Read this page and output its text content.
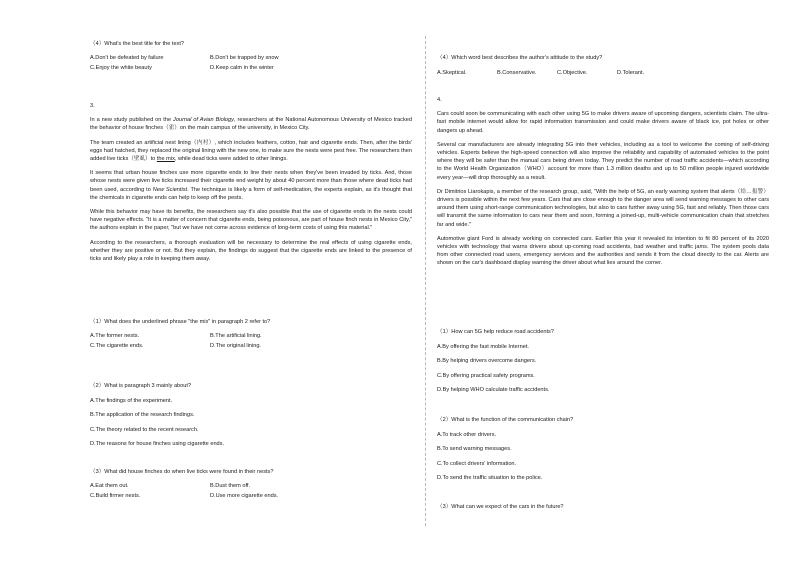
（4）What's the best title for the text?

A.Don't be defeated by failure	B.Don't be trapped by snow
C.Enjoy the white beauty	D.Keep calm in the winter

3.

In a new study published on the Journal of Avian Biology, researchers at the National Autonomous University of Mexico tracked the behavior of house finches（雀）on the main campus of the university, in Mexico City.

The team created an artificial nest lining（内衬）, which includes feathers, cotton, hair and cigarette ends. Then, after the birds' eggs had hatched, they replaced the original lining with the new one, to make sure the nests were pest free. The researchers then added live ticks（壁虱）to the mix, while dead ticks were added to other linings.

It seems that urban house finches use more cigarette ends to line their nests when they've been invaded by ticks. And, those whose nests were given live ticks increased their cigarette end weight by about 40 percent more than those where dead ticks had been used, according to New Scientist. The technique is likely a form of self-medication, the experts explain, as it's thought that the chemicals in cigarette ends can help to keep off the pests.

While this behavior may have its benefits, the researchers say it's also possible that the use of cigarette ends in the nests could have negative effects. "It is a matter of concern that cigarette ends, being poisonous, are part of house finch nests in Mexico City," the authors explain in the paper, "but we have not come across evidence of long-term costs of using this material."

According to the researchers, a thorough evaluation will be necessary to determine the real effects of using cigarette ends, whether they are positive or not. But they explain, the findings do suggest that the cigarette ends are linked to the presence of ticks and likely play a role in keeping them away.

（1）What does the underlined phrase "the mix" in paragraph 2 refer to?

A.The former nests.	B.The artificial lining.
C.The cigarette ends.	D.The original lining.

（2）What is paragraph 3 mainly about?

A.The findings of the experiment.

B.The application of the research findings.

C.The theory related to the recent research.

D.The reasons for house finches using cigarette ends.

（3）What did house finches do when live ticks were found in their nests?

A.Eat them out.	B.Dust them off.
C.Build firmer nests.	D.Use more cigarette ends.

（4）Which word best describes the author's attitude to the study?

A.Skeptical.	B.Conservative.	C.Objective.	D.Tolerant.

4.

Cars could soon be communicating with each other using 5G to make drivers aware of upcoming dangers, scientists claim. The ultra-fast mobile internet would allow for rapid information transmission and could make drivers aware of black ice, pot holes or other dangers up ahead.

Several car manufacturers are already integrating 5G into their vehicles, including as a tool to welcome the coming of self-driving vehicles. Experts believe the high-speed connection will also improve the reliability and capability of automated vehicles to the point where they will be safer than the manual cars being driven today. They predict the number of road traffic accidents—which according to the World Health Organization（WHO）account for more than 1.3 million deaths and up to 50 million people injured worldwide every year—will drop thoroughly as a result.

Dr Dimitrios Liarokapis, a member of the research group, said, "With the help of 5G, an early warning system that alerts（给…报警）drivers is possible within the next few years. Cars that are close enough to the danger area will send warning messages to other cars around them using short-range communication technologies, but also to cars further away using 5G, fast and reliably. Then those cars will transmit the same information to cars near them and soon, forming a joined-up, multi-vehicle communication chain that stretches far and wide."

Automotive giant Ford is already working on connected cars. Earlier this year it revealed its intention to fit 80 percent of its 2020 vehicles with technology that warns drivers about up-coming road accidents, bad weather and traffic jams. The system pools data from other connected road users, emergency services and the authorities and sends it from the cloud directly to the car. Alerts are shown on the car's dashboard display warning the driver about what lies around the corner.

（1）How can 5G help reduce road accidents?

A.By offering the fast mobile Internet.

B.By helping drivers overcome dangers.

C.By offering practical safety programs.

D.By helping WHO calculate traffic accidents.

（2）What is the function of the communication chain?

A.To track other drivers.

B.To send warning messages.

C.To collect drivers' information.

D.To send the traffic situation to the police.

（3）What can we expect of the cars in the future?
